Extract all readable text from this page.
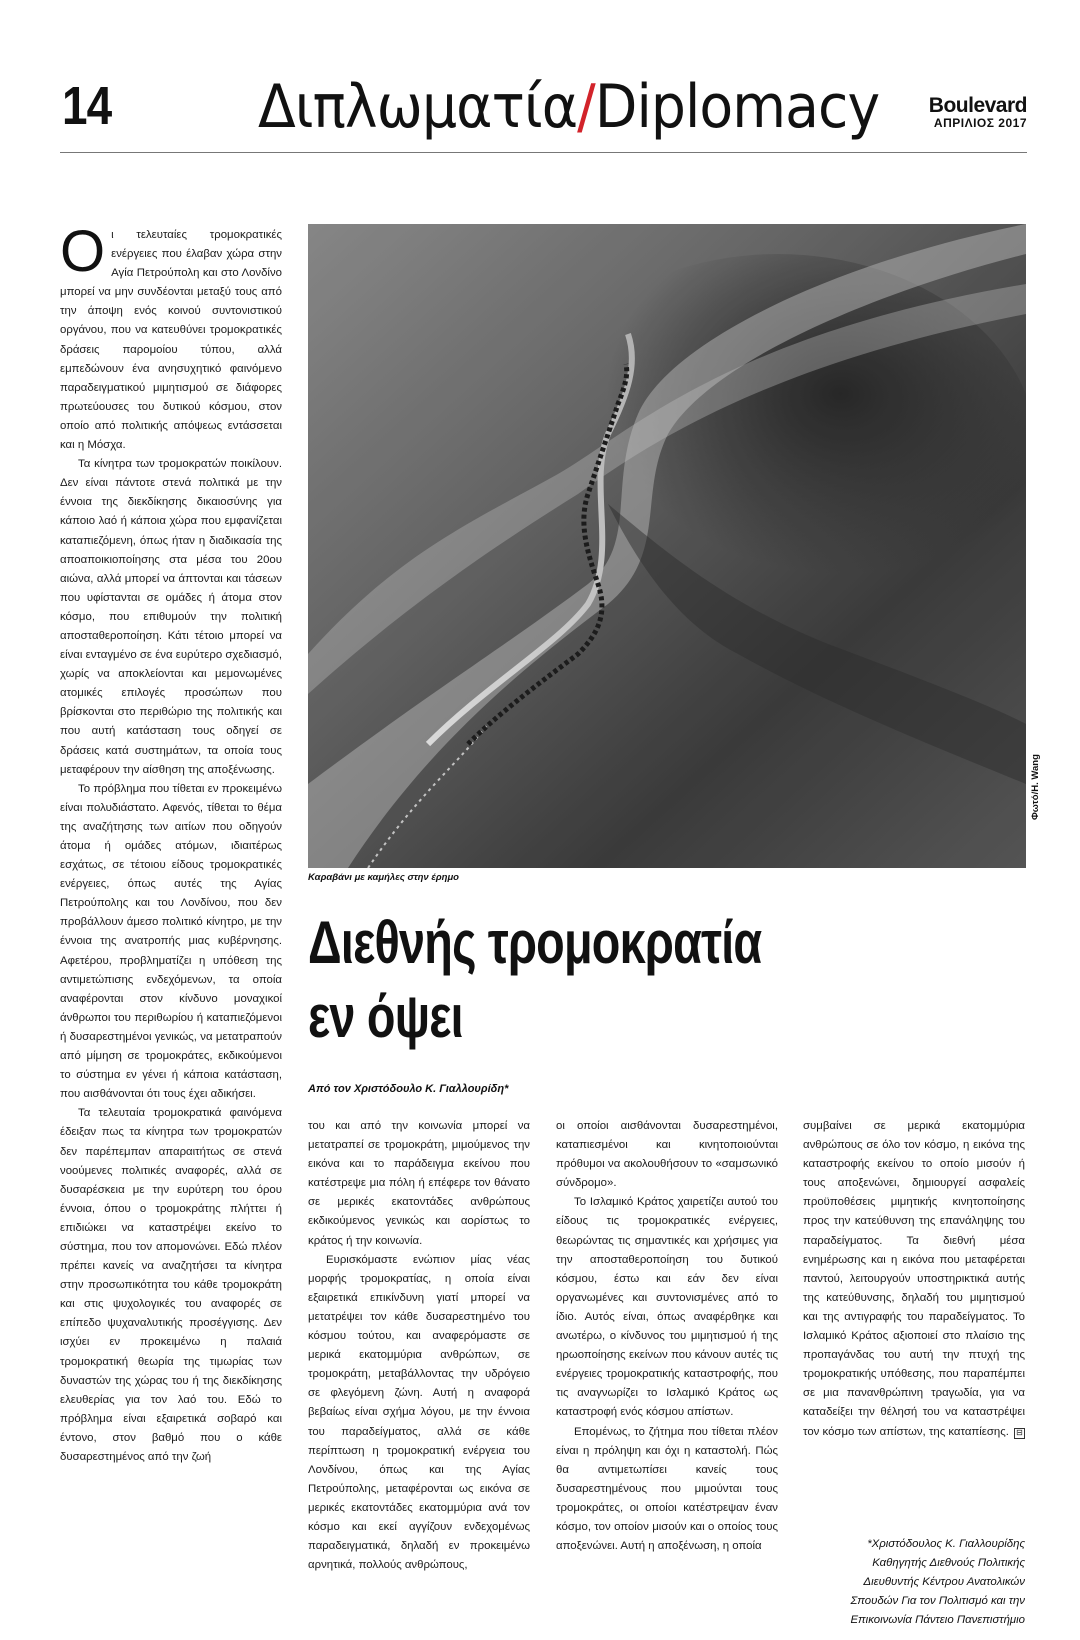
14 Διπλωματία/Diplomacy Boulevard
ΑΠΡΙΛΙΟΣ 2017

Οι τελευταίες τρομοκρατικές ενέργειες που έλαβαν χώρα στην Αγία Πετρούπολη και στο Λονδίνο μπορεί να μην συνδέονται μεταξύ τους από την άποψη ενός κοινού συντονιστικού οργάνου, που να κατευθύνει τρομοκρατικές δράσεις παρομοίου τύπου, αλλά εμπεδώνουν ένα ανησυχητικό φαινόμενο παραδειγματικού μιμητισμού σε διάφορες πρωτεύουσες του δυτικού κόσμου, στον οποίο από πολιτικής απόψεως εντάσσεται και η Μόσχα.

Τα κίνητρα των τρομοκρατών ποικίλουν. Δεν είναι πάντοτε στενά πολιτικά με την έννοια της διεκδίκησης δικαιοσύνης για κάποιο λαό ή κάποια χώρα που εμφανίζεται καταπιεζόμενη, όπως ήταν η διαδικασία της αποαποικιοποίησης στα μέσα του 20ου αιώνα, αλλά μπορεί να άπτονται και τάσεων που υφίστανται σε ομάδες ή άτομα στον κόσμο, που επιθυμούν την πολιτική αποσταθεροποίηση. Κάτι τέτοιο μπορεί να είναι ενταγμένο σε ένα ευρύτερο σχεδιασμό, χωρίς να αποκλείονται και μεμονωμένες ατομικές επιλογές προσώπων που βρίσκονται στο περιθώριο της πολιτικής και που αυτή κατάσταση τους οδηγεί σε δράσεις κατά συστημάτων, τα οποία τους μεταφέρουν την αίσθηση της αποξένωσης.

Το πρόβλημα που τίθεται εν προκειμένω είναι πολυδιάστατο. Αφενός, τίθεται το θέμα της αναζήτησης των αιτίων που οδηγούν άτομα ή ομάδες ατόμων, ιδιαιτέρως εσχάτως, σε τέτοιου είδους τρομοκρατικές ενέργειες, όπως αυτές της Αγίας Πετρούπολης και του Λονδίνου, που δεν προβάλλουν άμεσο πολιτικό κίνητρο, με την έννοια της ανατροπής μιας κυβέρνησης. Αφετέρου, προβληματίζει η υπόθεση της αντιμετώπισης ενδεχόμενων, τα οποία αναφέρονται στον κίνδυνο μοναχικοί άνθρωποι του περιθωρίου ή καταπιεζόμενοι ή δυσαρεστημένοι γενικώς, να μετατραπούν από μίμηση σε τρομοκράτες, εκδικούμενοι το σύστημα εν γένει ή κάποια κατάσταση, που αισθάνονται ότι τους έχει αδικήσει.

Τα τελευταία τρομοκρατικά φαινόμενα έδειξαν πως τα κίνητρα των τρομοκρατών δεν παρέπεμπαν απαραιτήτως σε στενά νοούμενες πολιτικές αναφορές, αλλά σε δυσαρέσκεια με την ευρύτερη του όρου έννοια, όπου ο τρομοκράτης πλήττει ή επιδιώκει να καταστρέψει εκείνο το σύστημα, που τον απομονώνει. Εδώ πλέον πρέπει κανείς να αναζητήσει τα κίνητρα στην προσωπικότητα του κάθε τρομοκράτη και στις ψυχολογικές του αναφορές σε επίπεδο ψυχαναλυτικής προσέγγισης. Δεν ισχύει εν προκειμένω η παλαιά τρομοκρατική θεωρία της τιμωρίας των δυναστών της χώρας του ή της διεκδίκησης ελευθερίας για τον λαό του. Εδώ το πρόβλημα είναι εξαιρετικά σοβαρό και έντονο, στον βαθμό που ο κάθε δυσαρεστημένος από την ζωή

Καραβάνι με καμήλες στην έρημο
Φωτό/H. Wang
Διεθνής τρομοκρατία
εν όψει
Από τον Χριστόδουλο Κ. Γιαλλουρίδη*

του και από την κοινωνία μπορεί να μετατραπεί σε τρομοκράτη, μιμούμενος την εικόνα και το παράδειγμα εκείνου που κατέστρεψε μια πόλη ή επέφερε τον θάνατο σε μερικές εκατοντάδες ανθρώπους εκδικούμενος γενικώς και αορίστως το κράτος ή την κοινωνία.

Ευρισκόμαστε ενώπιον μίας νέας μορφής τρομοκρατίας, η οποία είναι εξαιρετικά επικίνδυνη γιατί μπορεί να μετατρέψει τον κάθε δυσαρεστημένο του κόσμου τούτου, και αναφερόμαστε σε μερικά εκατομμύρια ανθρώπων, σε τρομοκράτη, μεταβάλλοντας την υδρόγειο σε φλεγόμενη ζώνη. Αυτή η αναφορά βεβαίως είναι σχήμα λόγου, με την έννοια του παραδείγματος, αλλά σε κάθε περίπτωση η τρομοκρατική ενέργεια του Λονδίνου, όπως και της Αγίας Πετρούπολης, μεταφέρονται ως εικόνα σε μερικές εκατοντάδες εκατομμύρια ανά τον κόσμο και εκεί αγγίζουν ενδεχομένως παραδειγματικά, δηλαδή εν προκειμένω αρνητικά, πολλούς ανθρώπους,

οι οποίοι αισθάνονται δυσαρεστημένοι, καταπιεσμένοι και κινητοποιούνται πρόθυμοι να ακολουθήσουν το «σαμσωνικό σύνδρομο».

Το Ισλαμικό Κράτος χαιρετίζει αυτού του είδους τις τρομοκρατικές ενέργειες, θεωρώντας τις σημαντικές και χρήσιμες για την αποσταθεροποίηση του δυτικού κόσμου, έστω και εάν δεν είναι οργανωμένες και συντονισμένες από το ίδιο. Αυτός είναι, όπως αναφέρθηκε και ανωτέρω, ο κίνδυνος του μιμητισμού ή της ηρωοποίησης εκείνων που κάνουν αυτές τις ενέργειες τρομοκρατικής καταστροφής, που τις αναγνωρίζει το Ισλαμικό Κράτος ως καταστροφή ενός κόσμου απίστων.

Επομένως, το ζήτημα που τίθεται πλέον είναι η πρόληψη και όχι η καταστολή. Πώς θα αντιμετωπίσει κανείς τους δυσαρεστημένους που μιμούνται τους τρομοκράτες, οι οποίοι κατέστρεψαν έναν κόσμο, τον οποίον μισούν και ο οποίος τους αποξενώνει. Αυτή η αποξένωση, η οποία

συμβαίνει σε μερικά εκατομμύρια ανθρώπους σε όλο τον κόσμο, η εικόνα της καταστροφής εκείνου το οποίο μισούν ή τους αποξενώνει, δημιουργεί ασφαλείς προϋποθέσεις μιμητικής κινητοποίησης προς την κατεύθυνση της επανάληψης του παραδείγματος. Τα διεθνή μέσα ενημέρωσης και η εικόνα που μεταφέρεται παντού, λειτουργούν υποστηρικτικά αυτής της κατεύθυνσης, δηλαδή του μιμητισμού και της αντιγραφής του παραδείγματος. Το Ισλαμικό Κράτος αξιοποιεί στο πλαίσιο της προπαγάνδας του αυτή την πτυχή της τρομοκρατικής υπόθεσης, που παραπέμπει σε μια πανανθρώπινη τραγωδία, για να καταδείξει την θέλησή του να καταστρέψει τον κόσμο των απίστων, της καταπίεσης. ⊟

*Χριστόδουλος Κ. Γιαλλουρίδης
Καθηγητής Διεθνούς Πολιτικής
Διευθυντής Κέντρου Ανατολικών
Σπουδών Για τον Πολιτισμό και την
Επικοινωνία Πάντειο Πανεπιστήμιο
